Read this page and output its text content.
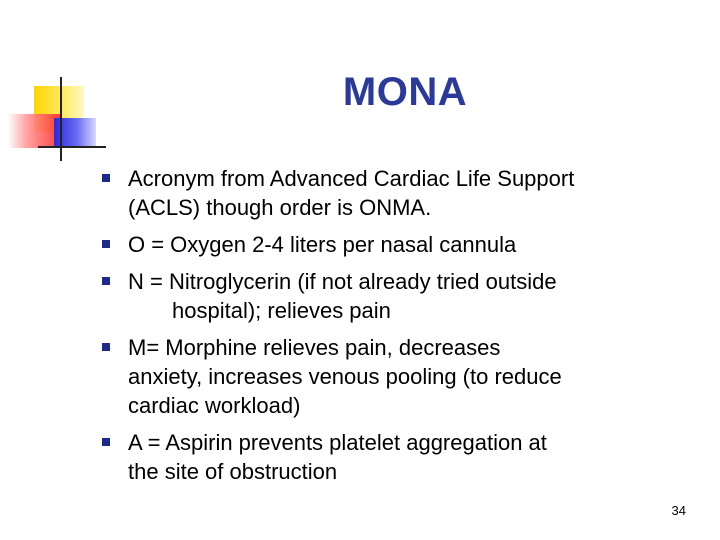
MONA
Acronym from Advanced Cardiac Life Support
(ACLS) though order is ONMA.
O = Oxygen 2-4 liters per nasal cannula
N = Nitroglycerin (if not already tried outside
hospital); relieves pain
M= Morphine relieves pain, decreases
anxiety, increases venous pooling (to reduce
cardiac workload)
A = Aspirin prevents platelet aggregation at
the site of obstruction
34
